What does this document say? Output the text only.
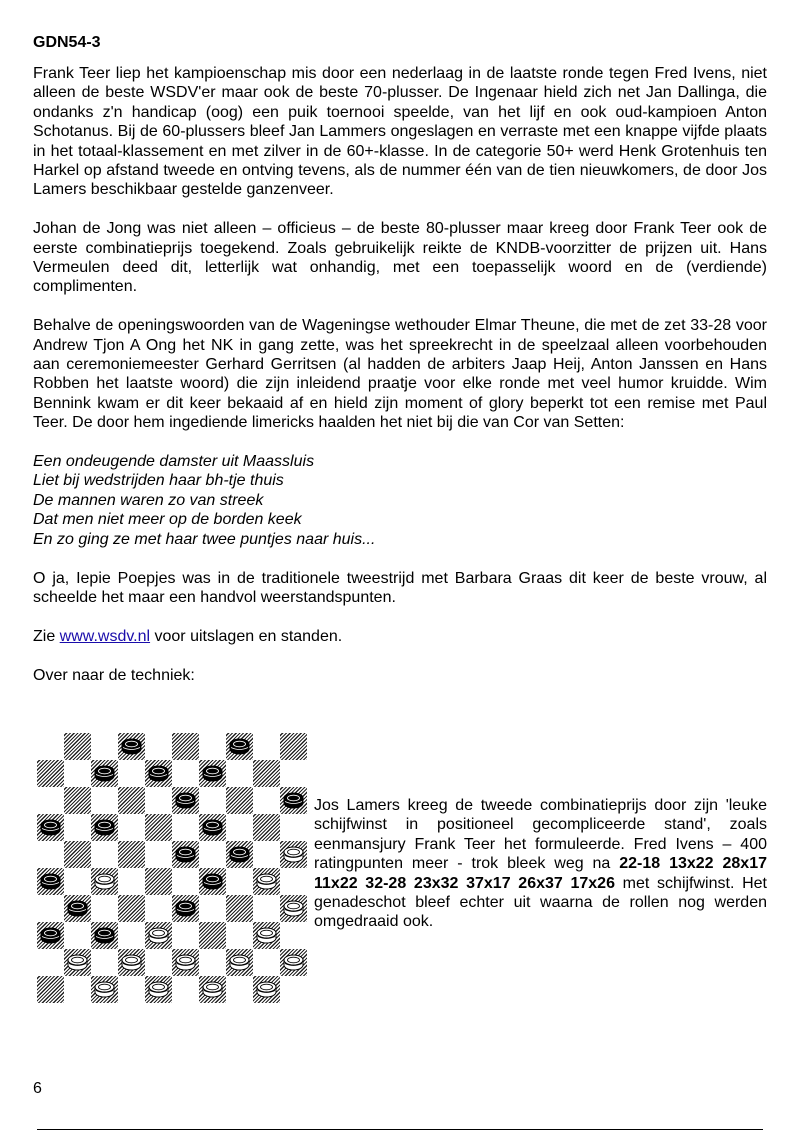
GDN54-3

Frank Teer liep het kampioenschap mis door een nederlaag in de laatste ronde tegen Fred Ivens, niet alleen de beste WSDV'er maar ook de beste 70-plusser. De Ingenaar hield zich net Jan Dallinga, die ondanks z'n handicap (oog) een puik toernooi speelde, van het lijf en ook oud-kampioen Anton Schotanus. Bij de 60-plussers bleef Jan Lammers ongeslagen en verraste met een knappe vijfde plaats in het totaal-klassement en met zilver in de 60+-klasse. In de categorie 50+ werd Henk Grotenhuis ten Harkel op afstand tweede en ontving tevens, als de nummer één van de tien nieuwkomers, de door Jos Lamers beschikbaar gestelde ganzenveer.

Johan de Jong was niet alleen – officieus – de beste 80-plusser maar kreeg door Frank Teer ook de eerste combinatieprijs toegekend. Zoals gebruikelijk reikte de KNDB-voorzitter de prijzen uit. Hans Vermeulen deed dit, letterlijk wat onhandig, met een toepasselijk woord en de (verdiende) complimenten.

Behalve de openingswoorden van de Wageningse wethouder Elmar Theune, die met de zet 33-28 voor Andrew Tjon A Ong het NK in gang zette, was het spreekrecht in de speelzaal alleen voorbehouden aan ceremoniemeester Gerhard Gerritsen (al hadden de arbiters Jaap Heij, Anton Janssen en Hans Robben het laatste woord) die zijn inleidend praatje voor elke ronde met veel humor kruidde. Wim Bennink kwam er dit keer bekaaid af en hield zijn moment of glory beperkt tot een remise met Paul Teer. De door hem ingediende limericks haalden het niet bij die van Cor van Setten:

Een ondeugende damster uit Maassluis
Liet bij wedstrijden haar bh-tje thuis
De mannen waren zo van streek
Dat men niet meer op de borden keek
En zo ging ze met haar twee puntjes naar huis...

O ja, Iepie Poepjes was in de traditionele tweestrijd met Barbara Graas dit keer de beste vrouw, al scheelde het maar een handvol weerstandspunten.

Zie www.wsdv.nl voor uitslagen en standen.

Over naar de techniek:

Jos Lamers kreeg de tweede combinatieprijs door zijn 'leuke schijfwinst in positioneel gecompliceerde stand', zoals eenmansjury Frank Teer het formuleerde. Fred Ivens – 400 ratingpunten meer - trok bleek weg na 22-18 13x22 28x17 11x22 32-28 23x32 37x17 26x37 17x26 met schijfwinst. Het genadeschot bleef echter uit waarna de rollen nog werden omgedraaid ook.

6
